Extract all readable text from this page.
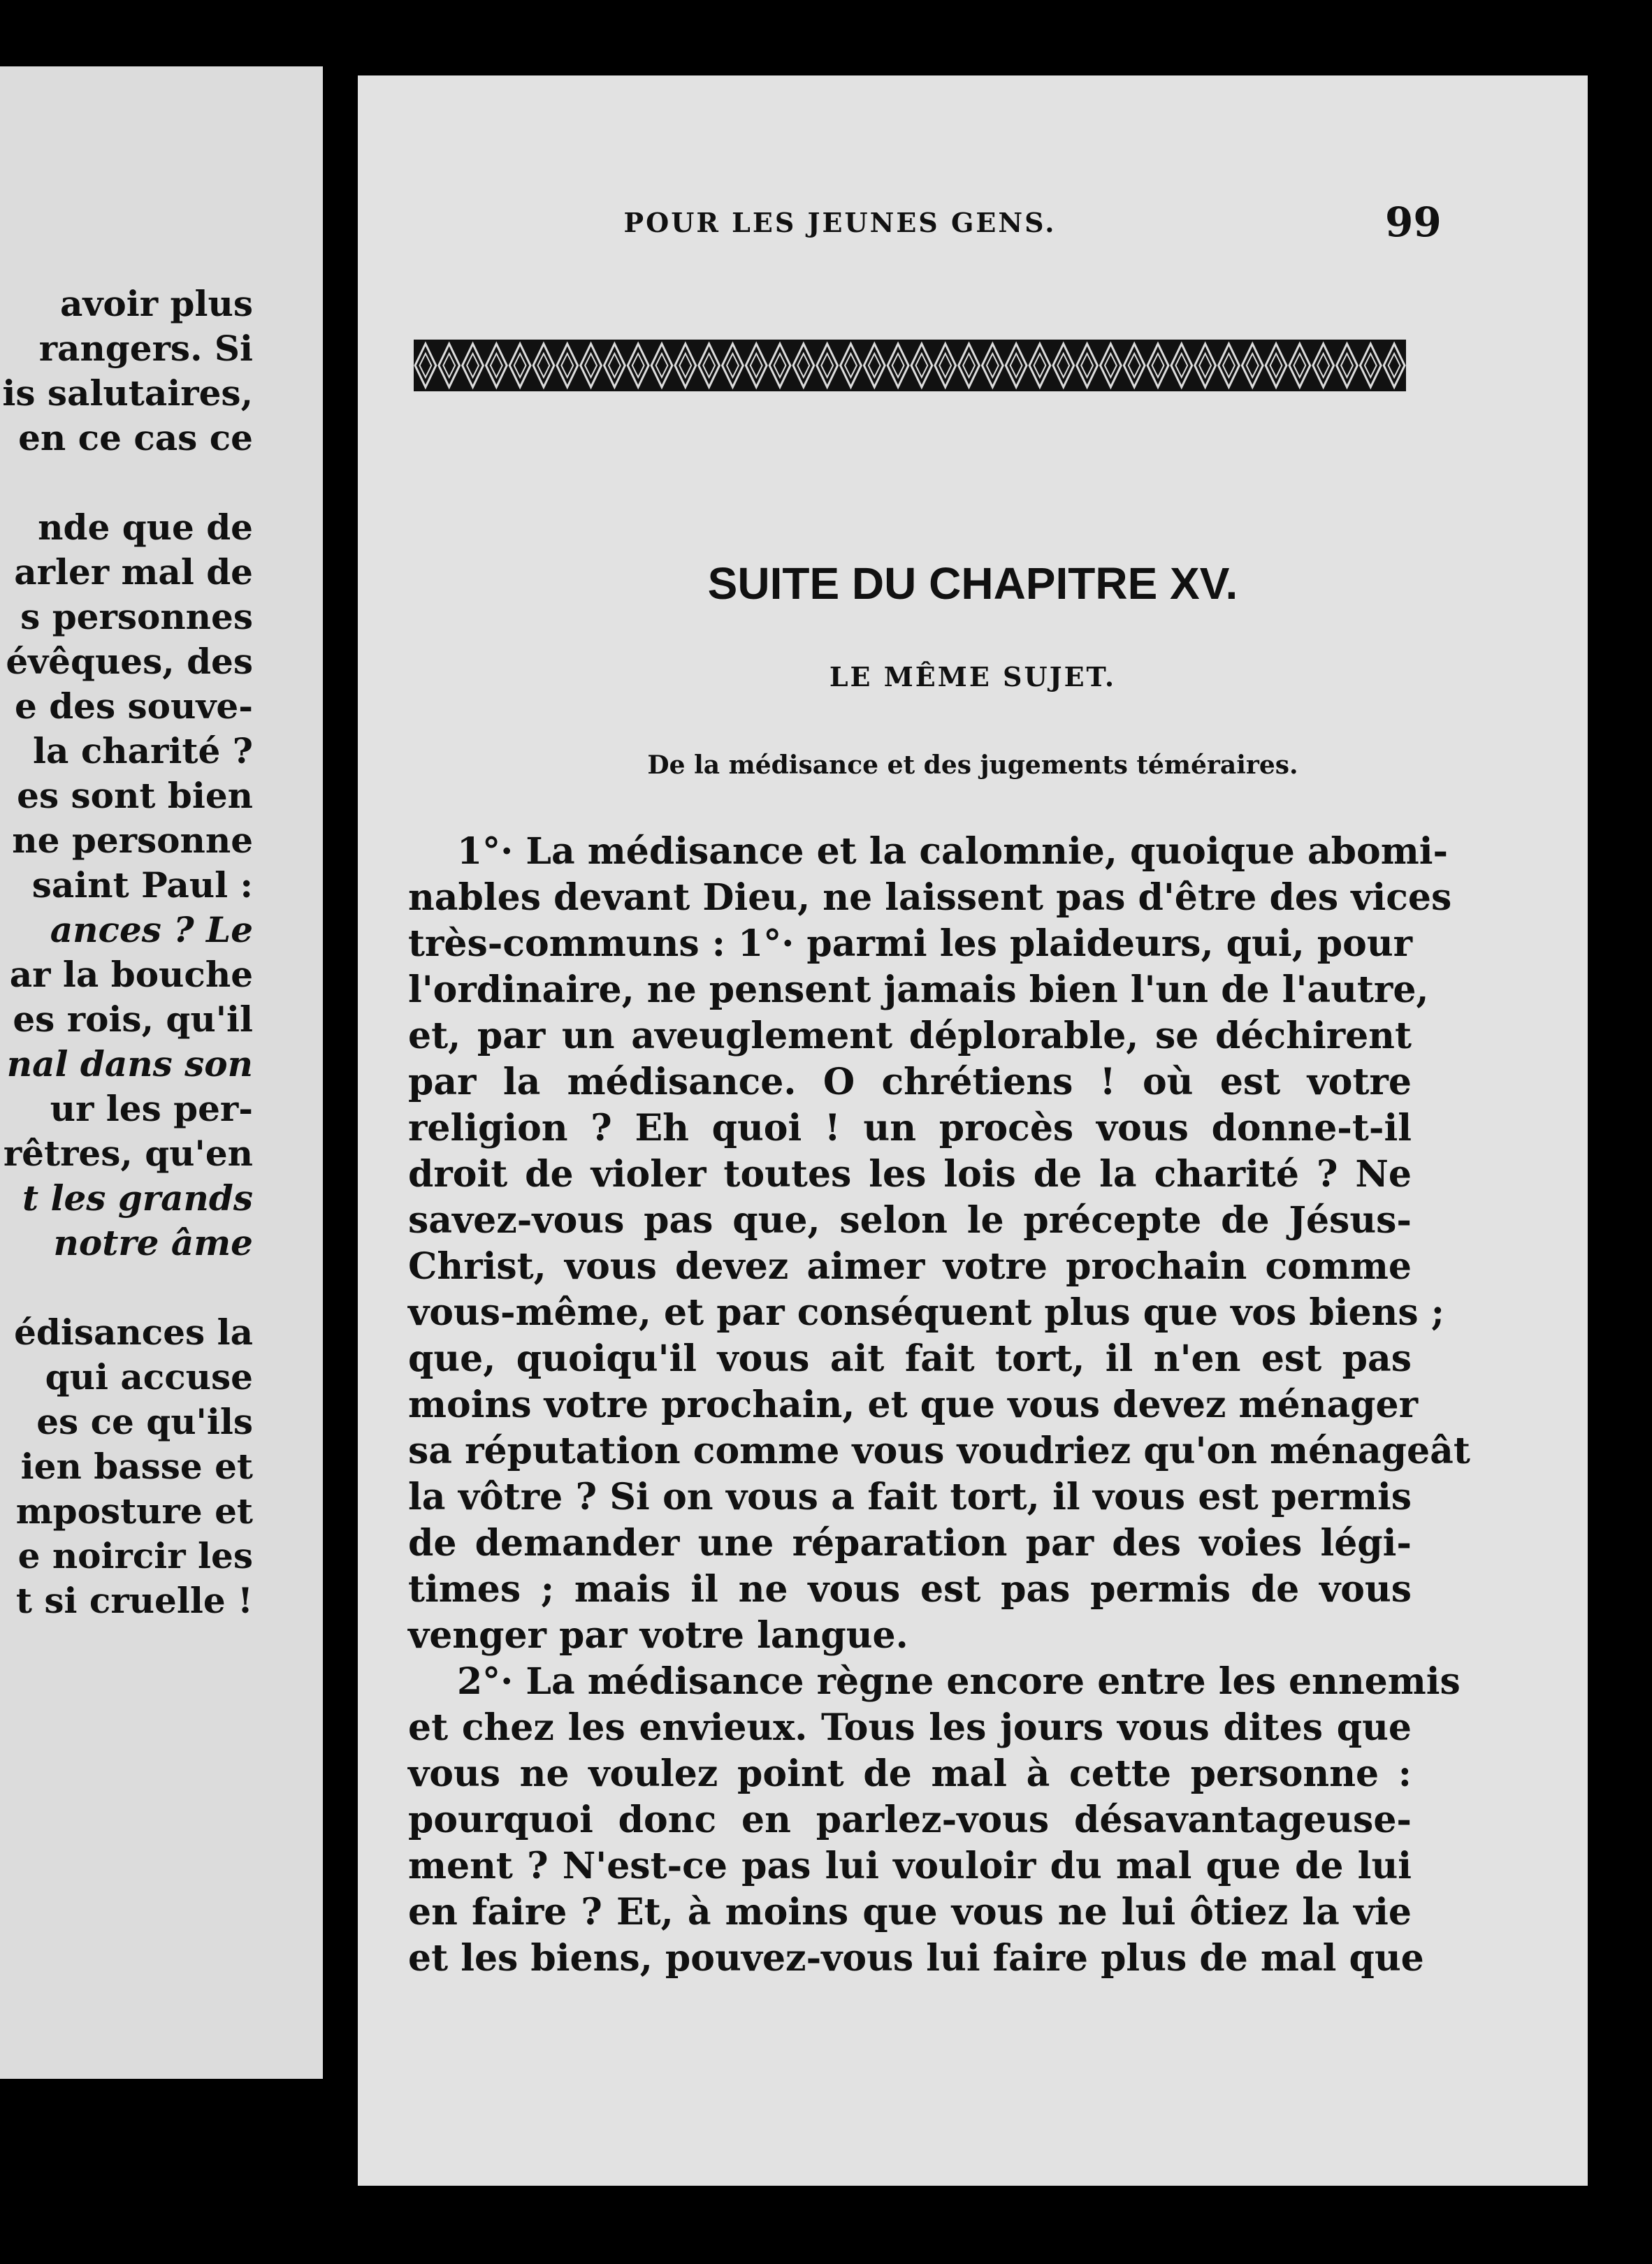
avoir plus
rangers. Si
is salutaires,
en ce cas ce
nde que de
arler mal de
s personnes
évêques, des
e des souve-
la charité ?
es sont bien
ne personne
saint Paul :
ances ? Le
ar la bouche
es rois, qu'il
nal dans son
ur les per-
rêtres, qu'en
t les grands
notre âme
édisances la
qui accuse
es ce qu'ils
ien basse et
mposture et
e noircir les
t si cruelle !
POUR LES JEUNES GENS.	99
SUITE DU CHAPITRE XV.
LE MÊME SUJET.
De la médisance et des jugements téméraires.
1°· La médisance et la calomnie, quoique abomi-
nables devant Dieu, ne laissent pas d'être des vices
très-communs : 1°· parmi les plaideurs, qui, pour
l'ordinaire, ne pensent jamais bien l'un de l'autre,
et, par un aveuglement déplorable, se déchirent
par la médisance. O chrétiens ! où est votre
religion ? Eh quoi ! un procès vous donne-t-il
droit de violer toutes les lois de la charité ? Ne
savez-vous pas que, selon le précepte de Jésus-
Christ, vous devez aimer votre prochain comme
vous-même, et par conséquent plus que vos biens ;
que, quoiqu'il vous ait fait tort, il n'en est pas
moins votre prochain, et que vous devez ménager
sa réputation comme vous voudriez qu'on ménageât
la vôtre ? Si on vous a fait tort, il vous est permis
de demander une réparation par des voies légi-
times ; mais il ne vous est pas permis de vous
venger par votre langue.
2°· La médisance règne encore entre les ennemis
et chez les envieux. Tous les jours vous dites que
vous ne voulez point de mal à cette personne :
pourquoi donc en parlez-vous désavantageuse-
ment ? N'est-ce pas lui vouloir du mal que de lui
en faire ? Et, à moins que vous ne lui ôtiez la vie
et les biens, pouvez-vous lui faire plus de mal que
